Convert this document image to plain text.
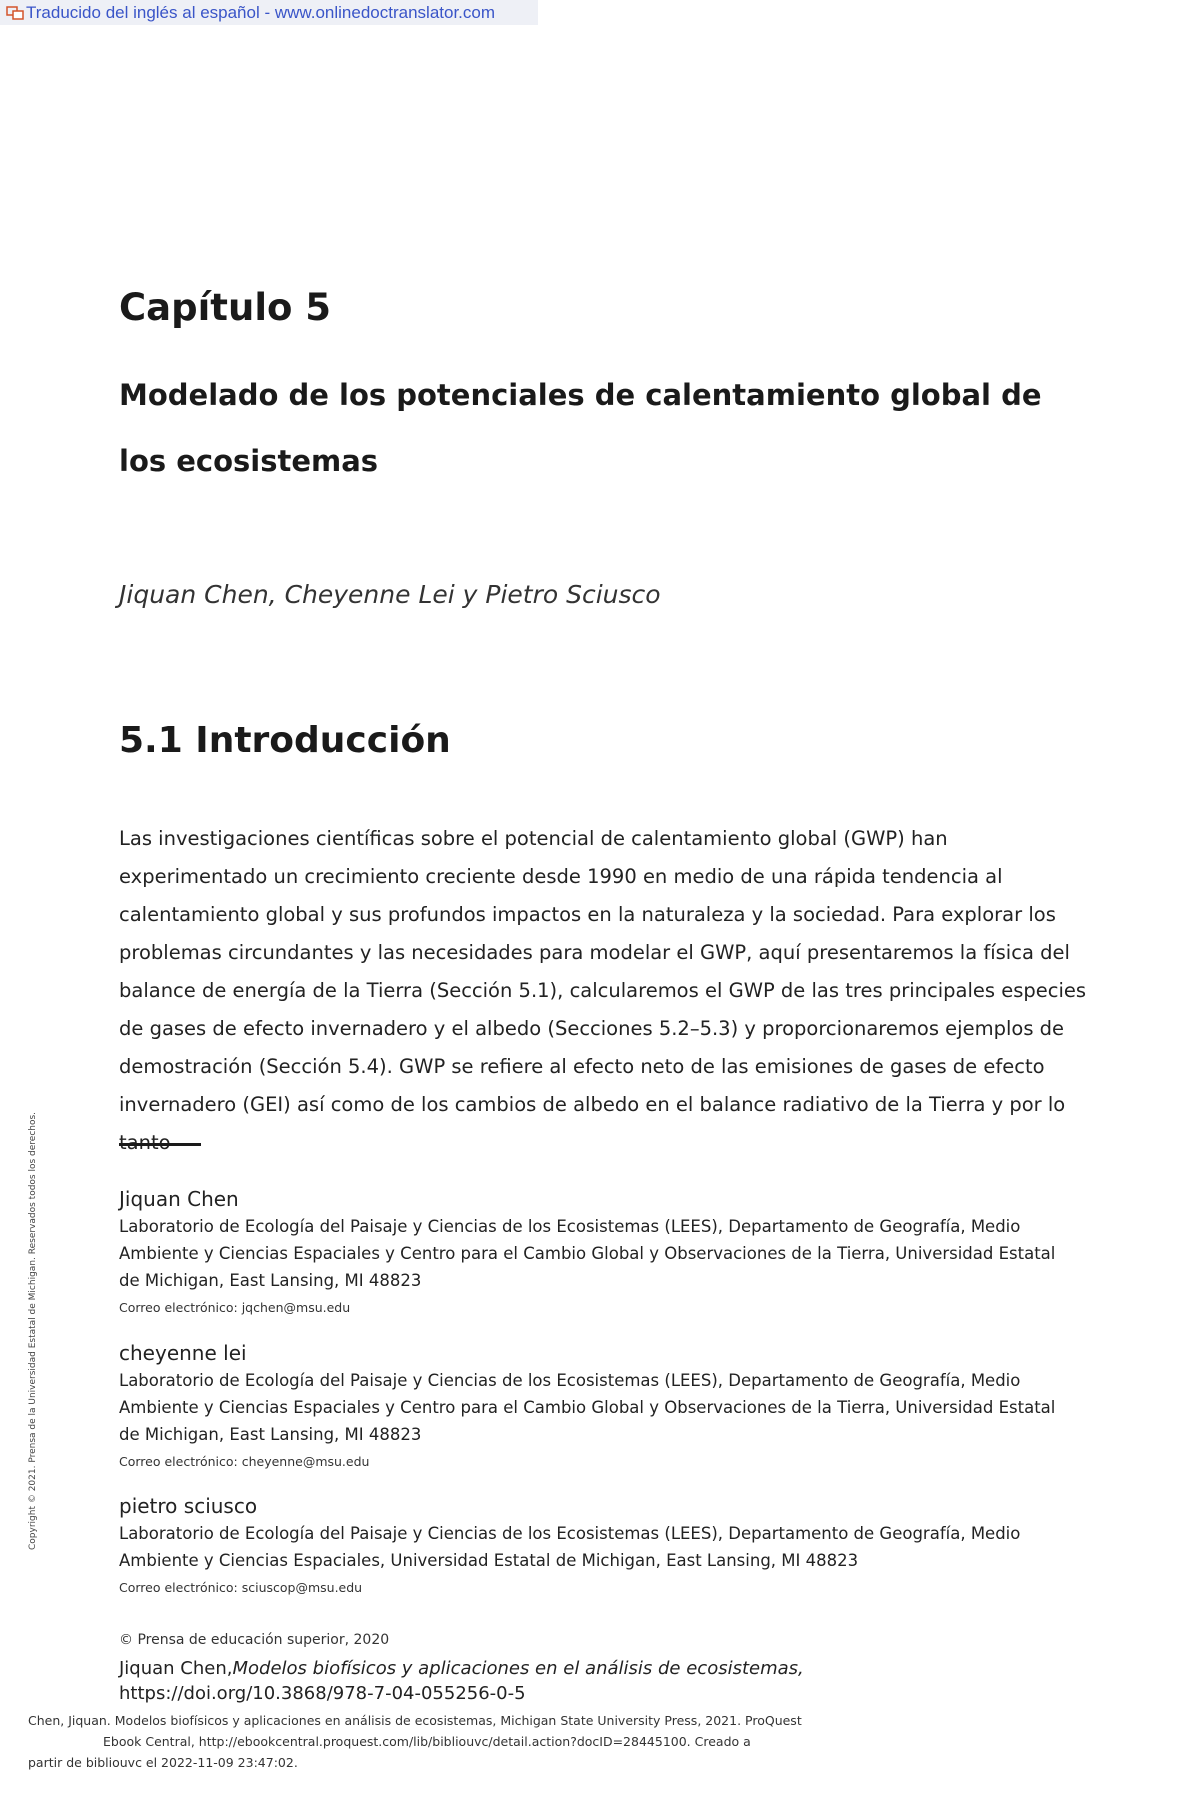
Traducido del inglés al español - www.onlinedoctranslator.com
Capítulo 5
Modelado de los potenciales de calentamiento global de los ecosistemas
Jiquan Chen, Cheyenne Lei y Pietro Sciusco
5.1 Introducción

Las investigaciones científicas sobre el potencial de calentamiento global (GWP) han experimentado un crecimiento creciente desde 1990 en medio de una rápida tendencia al calentamiento global y sus profundos impactos en la naturaleza y la sociedad. Para explorar los problemas circundantes y las necesidades para modelar el GWP, aquí presentaremos la física del balance de energía de la Tierra (Sección 5.1), calcularemos el GWP de las tres principales especies de gases de efecto invernadero y el albedo (Secciones 5.2–5.3) y proporcionaremos ejemplos de demostración (Sección 5.4). GWP se refiere al efecto neto de las emisiones de gases de efecto invernadero (GEI) así como de los cambios de albedo en el balance radiativo de la Tierra y por lo

Jiquan Chen
Laboratorio de Ecología del Paisaje y Ciencias de los Ecosistemas (LEES), Departamento de Geografía, Medio Ambiente y Ciencias Espaciales y Centro para el Cambio Global y Observaciones de la Tierra, Universidad Estatal de Michigan, East Lansing, MI 48823
Correo electrónico: jqchen@msu.edu
cheyenne lei
Laboratorio de Ecología del Paisaje y Ciencias de los Ecosistemas (LEES), Departamento de Geografía, Medio Ambiente y Ciencias Espaciales y Centro para el Cambio Global y Observaciones de la Tierra, Universidad Estatal de Michigan, East Lansing, MI 48823
Correo electrónico: cheyenne@msu.edu
pietro sciusco
Laboratorio de Ecología del Paisaje y Ciencias de los Ecosistemas (LEES), Departamento de Geografía, Medio Ambiente y Ciencias Espaciales, Universidad Estatal de Michigan, East Lansing, MI 48823
Correo electrónico: sciuscop@msu.edu
© Prensa de educación superior, 2020
Jiquan Chen,Modelos biofísicos y aplicaciones en el análisis de ecosistemas,
https://doi.org/10.3868/978-7-04-055256-0-5
Chen, Jiquan. Modelos biofísicos y aplicaciones en análisis de ecosistemas, Michigan State University Press, 2021. ProQuest
Ebook Central, http://ebookcentral.proquest.com/lib/bibliouvc/detail.action?docID=28445100. Creado a
partir de bibliouvc el 2022-11-09 23:47:02.
Copyright © 2021. Prensa de la Universidad Estatal de Michigan. Reservados todos los derechos.
